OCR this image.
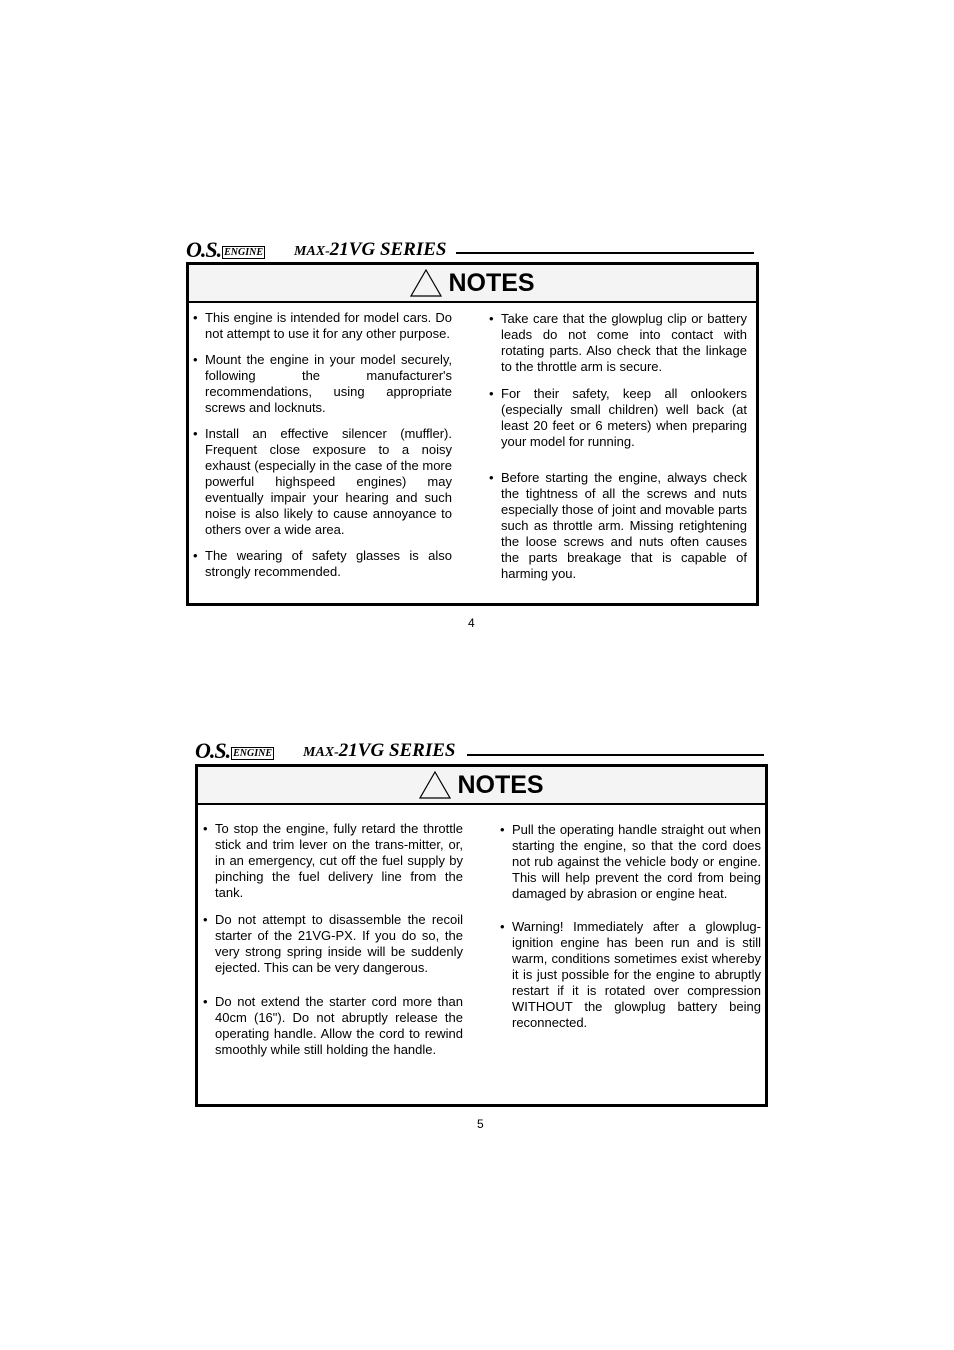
O.S. ENGINE MAX-21VG SERIES
NOTES
• This engine is intended for model cars. Do not attempt to use it for any other purpose.
• Mount the engine in your model securely, following the manufacturer's recommendations, using appropriate screws and locknuts.
• Install an effective silencer (muffler). Frequent close exposure to a noisy exhaust (especially in the case of the more powerful highspeed engines) may eventually impair your hearing and such noise is also likely to cause annoyance to others over a wide area.
• The wearing of safety glasses is also strongly recommended.
• Take care that the glowplug clip or battery leads do not come into contact with rotating parts. Also check that the linkage to the throttle arm is secure.
• For their safety, keep all onlookers (especially small children) well back (at least 20 feet or 6 meters) when preparing your model for running.
• Before starting the engine, always check the tightness of all the screws and nuts especially those of joint and movable parts such as throttle arm. Missing retightening the loose screws and nuts often causes the parts breakage that is capable of harming you.
4
O.S. ENGINE MAX-21VG SERIES
NOTES
• To stop the engine, fully retard the throttle stick and trim lever on the trans-mitter, or, in an emergency, cut off the fuel supply by pinching the fuel delivery line from the tank.
• Do not attempt to disassemble the recoil starter of the 21VG-PX. If you do so, the very strong spring inside will be suddenly ejected. This can be very dangerous.
• Do not extend the starter cord more than 40cm (16"). Do not abruptly release the operating handle. Allow the cord to rewind smoothly while still holding the handle.
• Pull the operating handle straight out when starting the engine, so that the cord does not rub against the vehicle body or engine. This will help prevent the cord from being damaged by abrasion or engine heat.
• Warning! Immediately after a glowplug-ignition engine has been run and is still warm, conditions sometimes exist whereby it is just possible for the engine to abruptly restart if it is rotated over compression WITHOUT the glowplug battery being reconnected.
5
